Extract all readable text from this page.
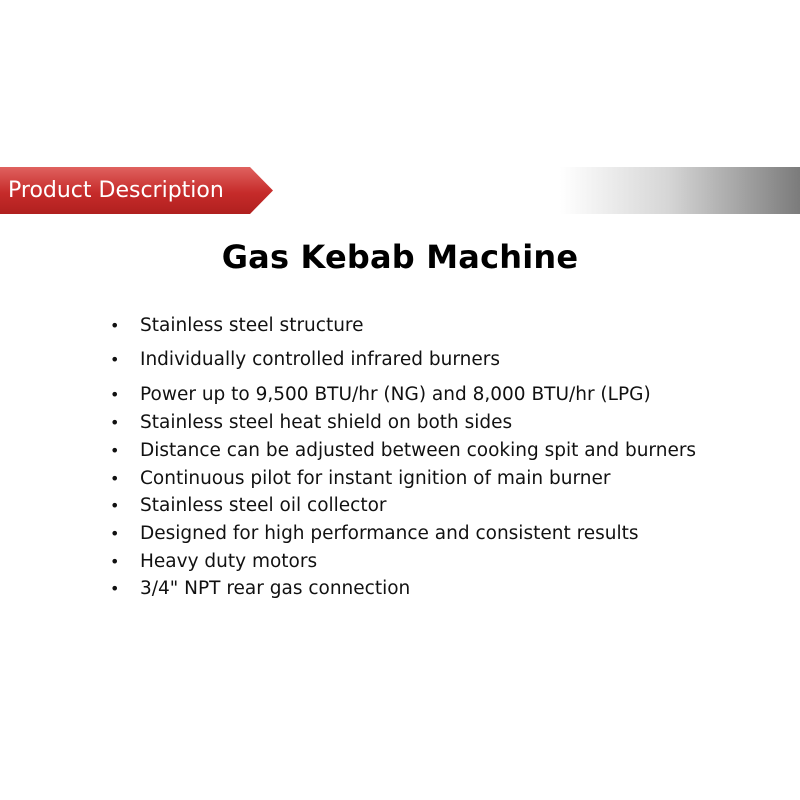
Product Description
Gas Kebab Machine
• Stainless steel structure
• Individually controlled infrared burners
• Power up to 9,500 BTU/hr (NG) and 8,000 BTU/hr (LPG)
• Stainless steel heat shield on both sides
• Distance can be adjusted between cooking spit and burners
• Continuous pilot for instant ignition of main burner
• Stainless steel oil collector
• Designed for high performance and consistent results
• Heavy duty motors
• 3/4" NPT rear gas connection
